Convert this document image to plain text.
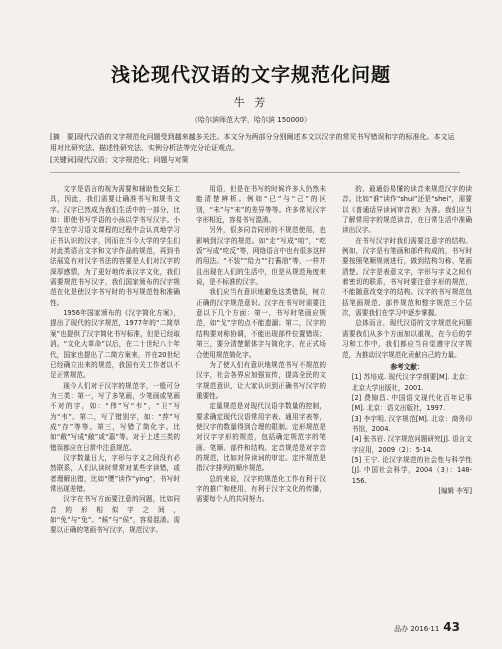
浅论现代汉语的文字规范化问题
牛 芳
（哈尔滨师范大学，哈尔滨 150000）
[摘　要]现代汉语的文字规范化问题受到越来越多关注。本文分为两部分分别阐述本文以汉字的常见书写错误和字的标准化。本文运用对比研究法、描述性研究法、实例分析法等完分论证观点。
[关键词]现代汉语；文字规范化；问题与对策

文字是语言的视为需要和辅助性交际工具，因此，我们需要让确准书写和规书文字。汉字已然成为我们生活中的一部分，比如：即使书写学语的小孩以学书写汉字。小学生在学习语文课程的过程中会认真地学习正书认识的汉字，因而在当今大学的学生们对此类语言文字和文字作品的规范，再到书法展览有对汉字书法的容要是人们对汉字的深厚感情，为了更好地传承汉字文化，我们需要规范书写汉字，我们国家颁布的汉字规范在化是使汉字书写时的书写规范性和准确性。

1956年国家颁布的《汉字简化方案》，提出了现代的汉字规范，1977年的“二简草案”也提供了汉字简化书写标准，但是已经取消。“文化大革命”以后，在二十世纪八十年代，国家也提出了二简方案来，并在20世纪已经确立出来的规范，我国有关工作者以不足正常规范。

现今人们对于汉字的规范字，一般可分为三类：第一，写了多笔画，少笔画或笔画不对的字，如：“伟”写“韦”，“卫”写为“韦”。第二，写了错别字，如：“荐”写成“存”等等。第三，写错了简化字。比如“敞”写成“敝”或“嚣”等。对于上述三类的错误都应在日常中注意规范。

汉字数量日大，字形与字义之间没有必然联系，人们认读时常常对某些字读错，或者理解出错，比如“赝”读作“ying”，书写时常出现差错。

汉字在书写方面要注意的问题，比如同音的形相似字之间，如“免”与“兔”、“候”与“侯”，容易混淆。需要以正确的笔画书写汉字，规范汉字。

用语，但是在书写的时候许多人仍然未能清楚辨析。例如“已”与“己”的区别，“未”与“末”的差异等等。许多常见汉字字形相近，容易书写混淆。

另外，很多同音同形的不规范使用，也影响到汉字的规范。如“走”写成“咱”，“吃饭”写成“吃反”等，网络语言中也有很多这样的用法。“不装”“给力”“打酱油”等，一样并且出现在人们的生活中，但是从规范角度来说，是不标准的汉字。

我们应当有意识地避免这类错误，树立正确的汉字规范意识。汉字在书写时需要注意以下几个方面：第一，书写时笔画应规范，如“戈”字的点不能遗漏；第二，汉字的结构要对称协调，不能出现部件位置错误；第三，要分清楚繁体字与简化字，在正式场合使用规范简化字。

为了使人们有意识地规范书写不规范的汉字，社会各界应加强宣传，提高全民的文字规范意识，让大家认识到正确书写汉字的重要性。

定量规范是对现代汉语字数量的控制，要求确定现代汉语常用字表、通用字表等，使汉字的数量得到合理的限制。定形规范是对汉字字形的规范，包括确定规范字的笔画、笔顺、部件和结构。定音规范是对字音的规范，比如对异读词的审定。定序规范是指汉字排列的顺序规范。

总的来说，汉字的规范化工作有利于汉字的推广和使用，有利于汉字文化的传播，需要每个人的共同努力。

的、最通俗易懂的读音来规范汉字的读音。比如“谁”读作“shui”还是“shei”，需要以《普通话异读词审音表》为准。我们应当了解常用字的规范读音，在日常生活中准确读出汉字。

在书写汉字时我们需要注意字的结构。例如，汉字是有笔画和部件构成的，书写时要按照笔顺规则进行，做到结构匀称、笔画清楚。汉字是表意文字，字形与字义之间有着密切的联系，书写时要注意字形的规范，不能随意改变字的结构。汉字的书写规范包括笔画规范、部件规范和整字规范三个层次，需要我们在学习中逐步掌握。

总体而言，现代汉语的文字规范化问题需要我们从多个方面加以重视，在今后的学习和工作中，我们都应当自觉遵守汉字规范，为推动汉字规范化贡献自己的力量。

参考文献：

[1] 苏培成. 现代汉字学纲要[M]. 北京：北京大学出版社，2001.

[2] 费锦昌. 中国语文现代化百年记事[M]. 北京：语文出版社，1997.

[3] 李宇明. 汉字规范[M]. 北京：商务印书馆，2004.

[4] 张书岩. 汉字规范问题研究[J]. 语言文字应用，2009（2）：5-14.

[5] 王宁. 论汉字规范的社会性与科学性[J]. 中国社会科学，2004（3）：148-156.

[编辑 李军]

品办 2016·11 43
